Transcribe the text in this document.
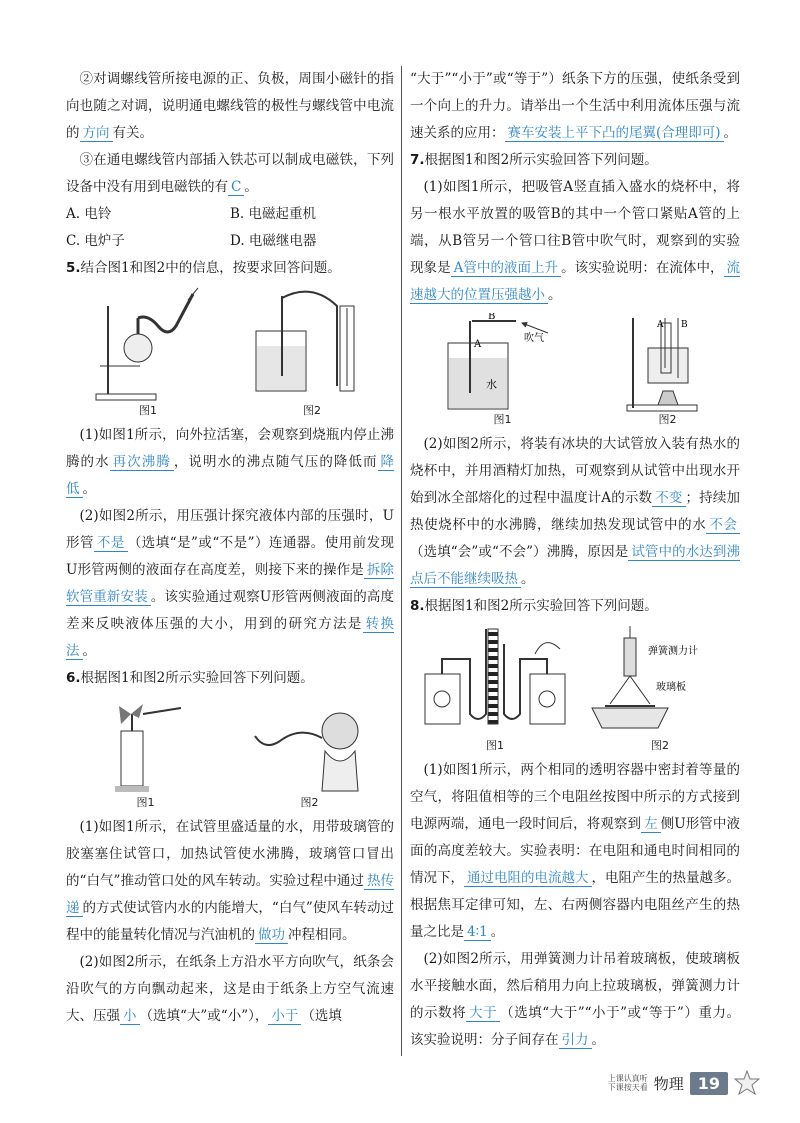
②对调螺线管所接电源的正、负极，周围小磁针的指向也随之对调，说明通电螺线管的极性与螺线管中电流的 方向 有关。

③在通电螺线管内部插入铁芯可以制成电磁铁，下列设备中没有用到电磁铁的有 C 。

A. 电铃	B. 电磁起重机
C. 电炉子	D. 电磁继电器

5.结合图1和图2中的信息，按要求回答问题。

图1	图2

(1)如图1所示，向外拉活塞，会观察到烧瓶内停止沸腾的水 再次沸腾 ，说明水的沸点随气压的降低而 降低 。

(2)如图2所示，用压强计探究液体内部的压强时，U形管 不是 （选填“是”或“不是”）连通器。使用前发现U形管两侧的液面存在高度差，则接下来的操作是 拆除软管重新安装 。该实验通过观察U形管两侧液面的高度差来反映液体压强的大小，用到的研究方法是 转换法 。

6.根据图1和图2所示实验回答下列问题。

图1	图2

(1)如图1所示，在试管里盛适量的水，用带玻璃管的胶塞塞住试管口，加热试管使水沸腾，玻璃管口冒出的“白气”推动管口处的风车转动。实验过程中通过 热传递 的方式使试管内水的内能增大，“白气”使风车转动过程中的能量转化情况与汽油机的 做功 冲程相同。

(2)如图2所示，在纸条上方沿水平方向吹气，纸条会沿吹气的方向飘动起来，这是由于纸条上方空气流速大、压强 小 （选填“大”或“小”）， 小于 （选填

“大于”“小于”或“等于”）纸条下方的压强，使纸条受到一个向上的升力。请举出一个生活中利用流体压强与流速关系的应用： 赛车安装上平下凸的尾翼(合理即可) 。

7.根据图1和图2所示实验回答下列问题。

(1)如图1所示，把吸管A竖直插入盛水的烧杯中，将另一根水平放置的吸管B的其中一个管口紧贴A管的上端，从B管另一个管口往B管中吹气时，观察到的实验现象是 A管中的液面上升 。该实验说明：在流体中， 流速越大的位置压强越小 。

B
吹气
A
水
图1
A B
图2

(2)如图2所示，将装有冰块的大试管放入装有热水的烧杯中，并用酒精灯加热，可观察到从试管中出现水开始到冰全部熔化的过程中温度计A的示数 不变 ；持续加热使烧杯中的水沸腾，继续加热发现试管中的水 不会（选填“会”或“不会”）沸腾，原因是 试管中的水达到沸点后不能继续吸热 。

8.根据图1和图2所示实验回答下列问题。

图1
弹簧测力计
玻璃板
图2

(1)如图1所示，两个相同的透明容器中密封着等量的空气，将阻值相等的三个电阻丝按图中所示的方式接到电源两端，通电一段时间后，将观察到 左 侧U形管中液面的高度差较大。实验表明：在电阻和通电时间相同的情况下， 通过电阻的电流越大 ，电阻产生的热量越多。根据焦耳定律可知，左、右两侧容器内电阻丝产生的热量之比是 4∶1 。

(2)如图2所示，用弹簧测力计吊着玻璃板，使玻璃板水平接触水面，然后稍用力向上拉玻璃板，弹簧测力计的示数将 大于 （选填“大于”“小于”或“等于”）重力。该实验说明：分子间存在 引力 。

上课认真听
下课按天看 物理 19
